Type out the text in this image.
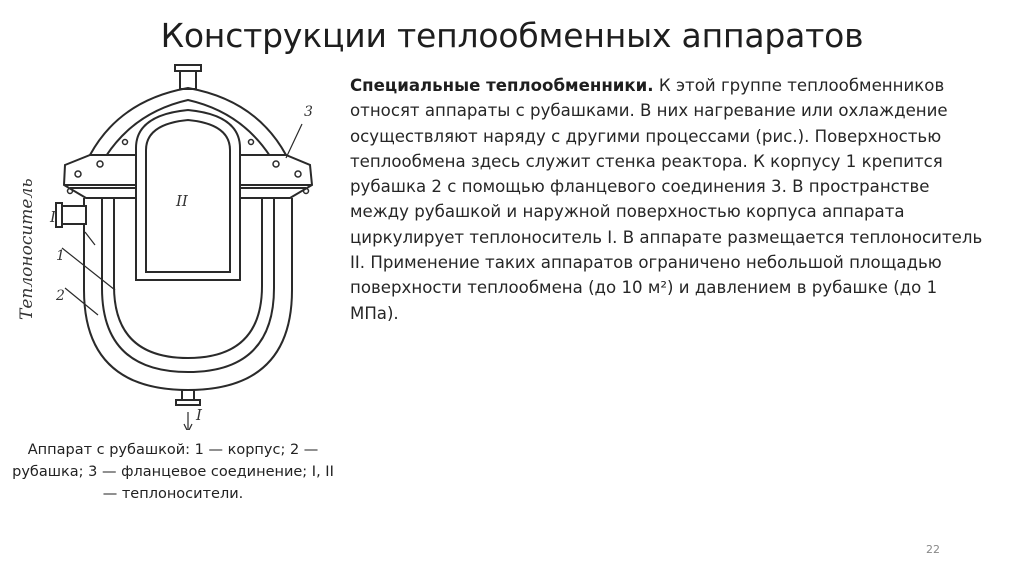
Конструкции теплообменных аппаратов
Теплоноситель I
I
II
1
2
3
Аппарат с рубашкой: 1 — корпус; 2 — рубашка; 3 — фланцевое соединение; I, II — теплоносители.
Специальные теплообменники. К этой группе теплообменников относят аппараты с рубашками. В них нагревание или охлаждение осуществляют наряду с другими процессами (рис.). Поверхностью теплообмена здесь служит стенка реактора. К корпусу 1 крепится рубашка 2 с помощью фланцевого соединения 3. В пространстве между рубашкой и наружной поверхностью корпуса аппарата циркулирует теплоноситель I. В аппарате размещается теплоноситель II. Применение таких аппаратов ограничено небольшой площадью поверхности теплообмена (до 10 м²) и давлением в рубашке (до 1 МПа).
22
